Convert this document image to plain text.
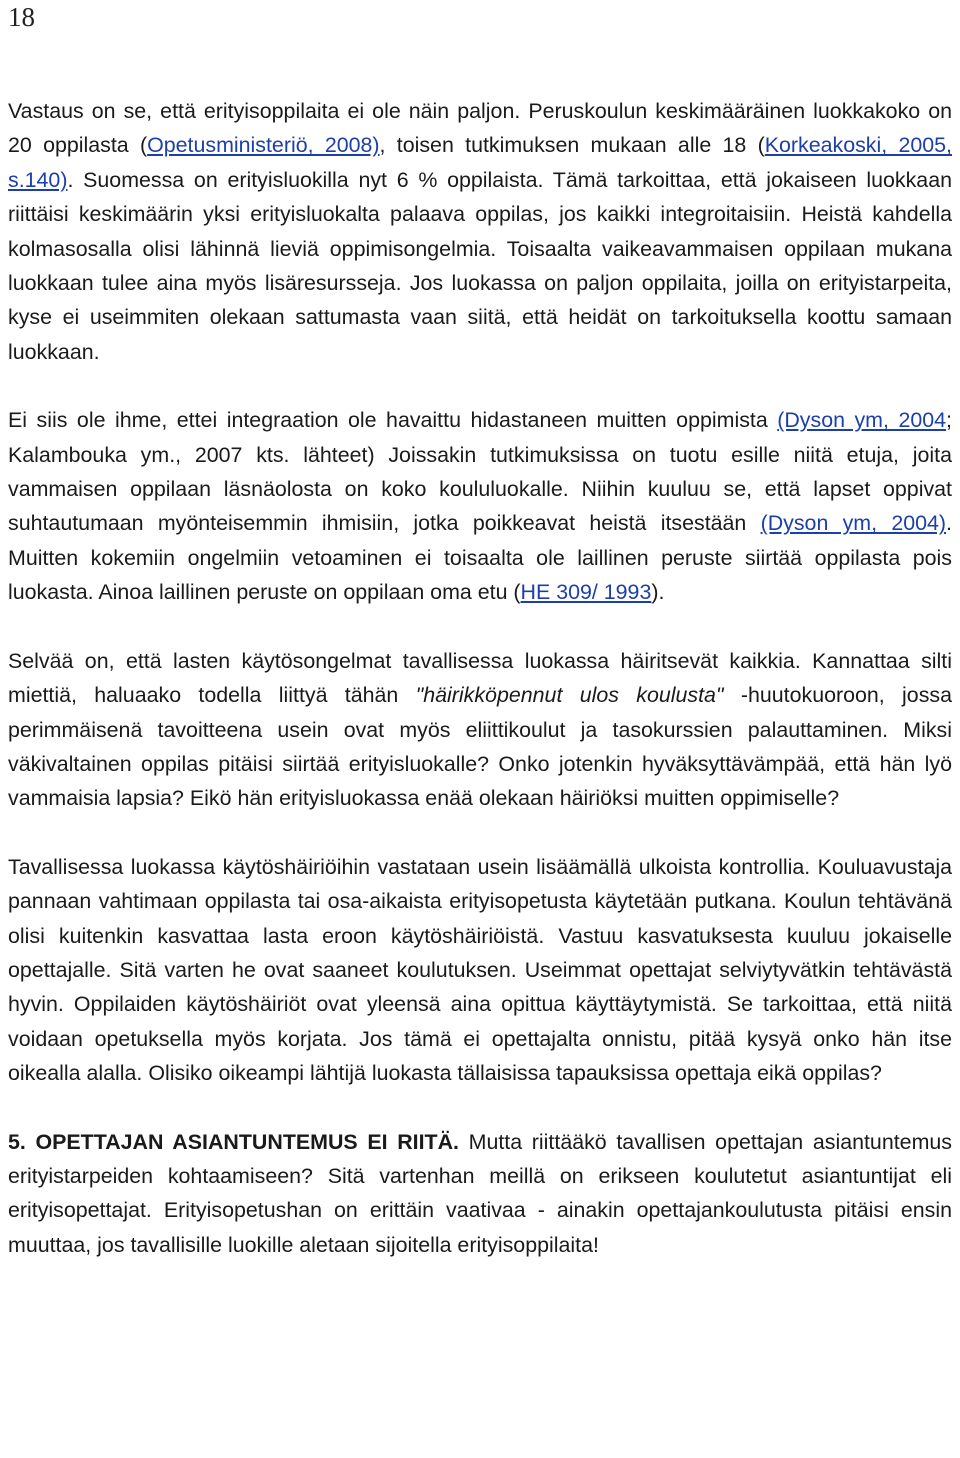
18

Vastaus on se, että erityisoppilaita ei ole näin paljon. Peruskoulun keskimääräinen luokkakoko on 20 oppilasta (Opetusministeriö, 2008), toisen tutkimuksen mukaan alle 18 (Korkeakoski, 2005, s.140). Suomessa on erityisluokilla nyt 6 % oppilaista. Tämä tarkoittaa, että jokaiseen luokkaan riittäisi keskimäärin yksi erityisluokalta palaava oppilas, jos kaikki integroitaisiin. Heistä kahdella kolmasosalla olisi lähinnä lieviä oppimisongelmia. Toisaalta vaikeavammaisen oppilaan mukana luokkaan tulee aina myös lisäresursseja. Jos luokassa on paljon oppilaita, joilla on erityistarpeita, kyse ei useimmiten olekaan sattumasta vaan siitä, että heidät on tarkoituksella koottu samaan luokkaan.

Ei siis ole ihme, ettei integraation ole havaittu hidastaneen muitten oppimista (Dyson ym, 2004; Kalambouka ym., 2007 kts. lähteet) Joissakin tutkimuksissa on tuotu esille niitä etuja, joita vammaisen oppilaan läsnäolosta on koko koululuokalle. Niihin kuuluu se, että lapset oppivat suhtautumaan myönteisemmin ihmisiin, jotka poikkeavat heistä itsestään (Dyson ym, 2004). Muitten kokemiin ongelmiin vetoaminen ei toisaalta ole laillinen peruste siirtää oppilasta pois luokasta. Ainoa laillinen peruste on oppilaan oma etu (HE 309/ 1993).

Selvää on, että lasten käytösongelmat tavallisessa luokassa häiritsevät kaikkia. Kannattaa silti miettiä, haluaako todella liittyä tähän "häirikköpennut ulos koulusta" -huutokuoroon, jossa perimmäisenä tavoitteena usein ovat myös eliittikoulut ja tasokurssien palauttaminen. Miksi väkivaltainen oppilas pitäisi siirtää erityisluokalle? Onko jotenkin hyväksyttävämpää, että hän lyö vammaisia lapsia? Eikö hän erityisluokassa enää olekaan häiriöksi muitten oppimiselle?

Tavallisessa luokassa käytöshäiriöihin vastataan usein lisäämällä ulkoista kontrollia. Kouluavustaja pannaan vahtimaan oppilasta tai osa-aikaista erityisopetusta käytetään putkana. Koulun tehtävänä olisi kuitenkin kasvattaa lasta eroon käytöshäiriöistä. Vastuu kasvatuksesta kuuluu jokaiselle opettajalle. Sitä varten he ovat saaneet koulutuksen. Useimmat opettajat selviytyvätkin tehtävästä hyvin. Oppilaiden käytöshäiriöt ovat yleensä aina opittua käyttäytymistä. Se tarkoittaa, että niitä voidaan opetuksella myös korjata. Jos tämä ei opettajalta onnistu, pitää kysyä onko hän itse oikealla alalla. Olisiko oikeampi lähtijä luokasta tällaisissa tapauksissa opettaja eikä oppilas?

5. OPETTAJAN ASIANTUNTEMUS EI RIITÄ. Mutta riittääkö tavallisen opettajan asiantuntemus erityistarpeiden kohtaamiseen? Sitä vartenhan meillä on erikseen koulutetut asiantuntijat eli erityisopettajat. Erityisopetushan on erittäin vaativaa - ainakin opettajankoulutusta pitäisi ensin muuttaa, jos tavallisille luokille aletaan sijoitella erityisoppilaita!
